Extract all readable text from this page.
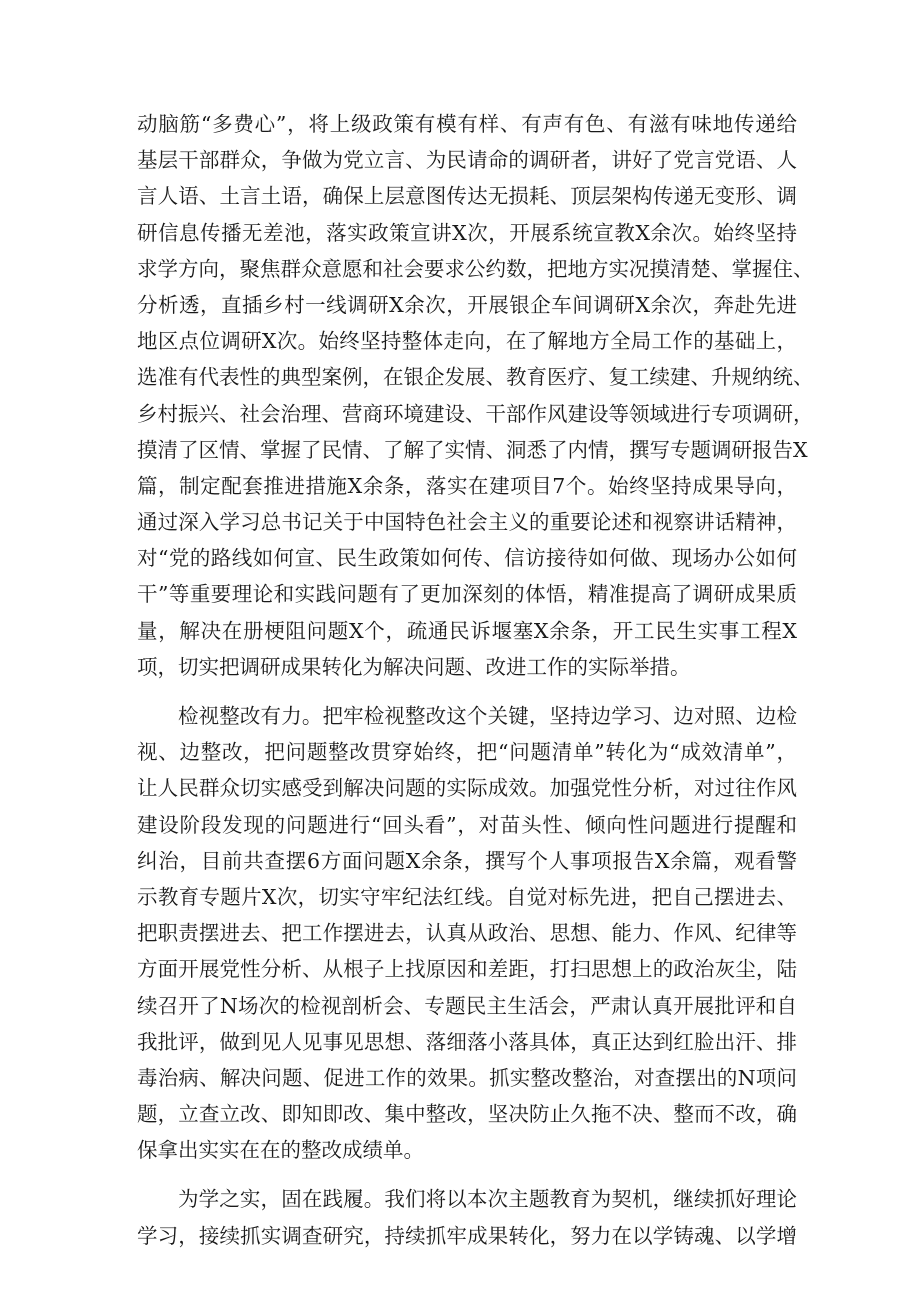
动脑筋“多费心”，将上级政策有模有样、有声有色、有滋有味地传递给
基层干部群众，争做为党立言、为民请命的调研者，讲好了党言党语、人
言人语、土言土语，确保上层意图传达无损耗、顶层架构传递无变形、调
研信息传播无差池，落实政策宣讲X次，开展系统宣教X余次。始终坚持
求学方向，聚焦群众意愿和社会要求公约数，把地方实况摸清楚、掌握住、
分析透，直插乡村一线调研X余次，开展银企车间调研X余次，奔赴先进
地区点位调研X次。始终坚持整体走向，在了解地方全局工作的基础上，
选准有代表性的典型案例，在银企发展、教育医疗、复工续建、升规纳统、
乡村振兴、社会治理、营商环境建设、干部作风建设等领域进行专项调研，
摸清了区情、掌握了民情、了解了实情、洞悉了内情，撰写专题调研报告X
篇，制定配套推进措施X余条，落实在建项目7个。始终坚持成果导向，
通过深入学习总书记关于中国特色社会主义的重要论述和视察讲话精神，
对“党的路线如何宣、民生政策如何传、信访接待如何做、现场办公如何
干”等重要理论和实践问题有了更加深刻的体悟，精准提高了调研成果质
量，解决在册梗阻问题X个，疏通民诉堰塞X余条，开工民生实事工程X
项，切实把调研成果转化为解决问题、改进工作的实际举措。
检视整改有力。把牢检视整改这个关键，坚持边学习、边对照、边检
视、边整改，把问题整改贯穿始终，把“问题清单”转化为“成效清单”，
让人民群众切实感受到解决问题的实际成效。加强党性分析，对过往作风
建设阶段发现的问题进行“回头看”，对苗头性、倾向性问题进行提醒和
纠治，目前共查摆6方面问题X余条，撰写个人事项报告X余篇，观看警
示教育专题片X次，切实守牢纪法红线。自觉对标先进，把自己摆进去、
把职责摆进去、把工作摆进去，认真从政治、思想、能力、作风、纪律等
方面开展党性分析、从根子上找原因和差距，打扫思想上的政治灰尘，陆
续召开了N场次的检视剖析会、专题民主生活会，严肃认真开展批评和自
我批评，做到见人见事见思想、落细落小落具体，真正达到红脸出汗、排
毒治病、解决问题、促进工作的效果。抓实整改整治，对查摆出的N项问
题，立查立改、即知即改、集中整改，坚决防止久拖不决、整而不改，确
保拿出实实在在的整改成绩单。
为学之实，固在践履。我们将以本次主题教育为契机，继续抓好理论
学习，接续抓实调查研究，持续抓牢成果转化，努力在以学铸魂、以学增
